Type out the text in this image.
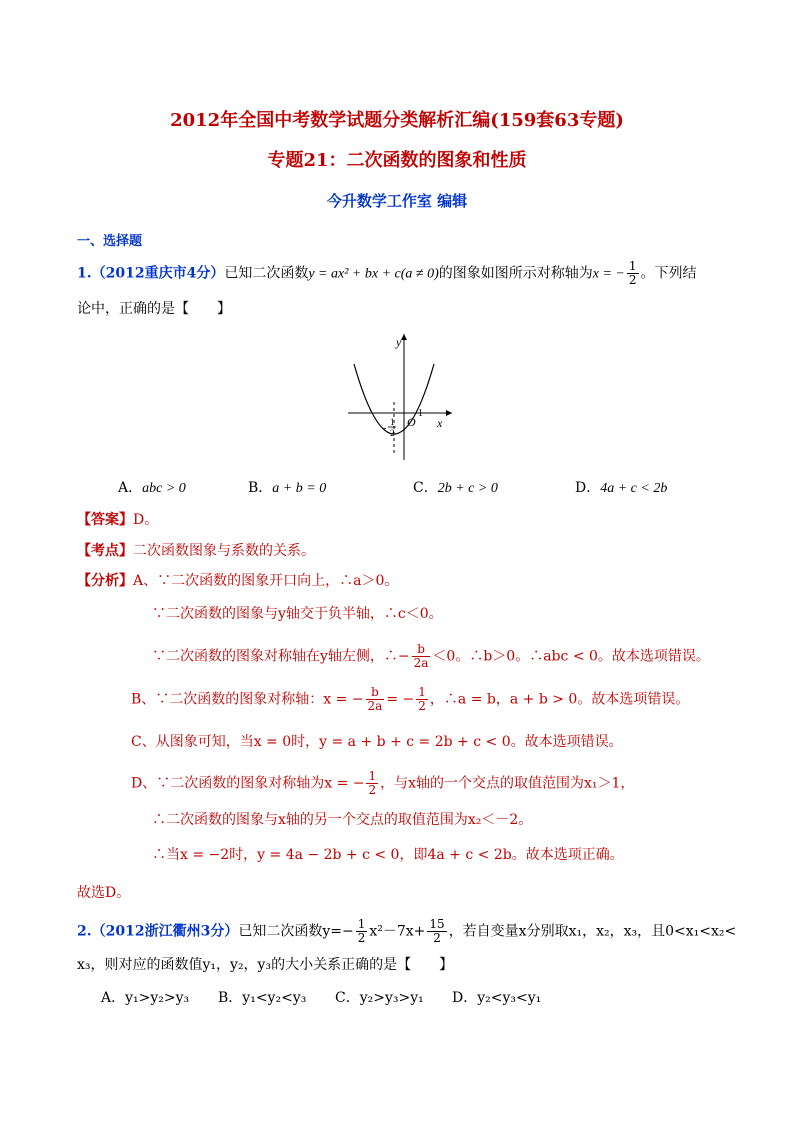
2012年全国中考数学试题分类解析汇编(159套63专题)
专题21：二次函数的图象和性质
今升数学工作室 编辑
一、选择题
1.（2012重庆市4分）已知二次函数y = ax² + bx + c(a ≠ 0)的图象如图所示对称轴为x = − $\frac{1}{2}$ 。下列结
论中，正确的是【　　】
y
x
O
1
-
1
2
A．abc > 0	B．a + b = 0	C．2b + c > 0	D．4a + c < 2b
【答案】D。
【考点】二次函数图象与系数的关系。
【分析】A、∵二次函数的图象开口向上，∴a＞0。
∵二次函数的图象与y轴交于负半轴，∴c＜0。
∵二次函数的图象对称轴在y轴左侧，∴− $\frac{b}{2a} <0$。∴b＞0。∴abc < 0。故本选项错误。
B、∵二次函数的图象对称轴：x = − $\frac{b}{2a}$ = − $\frac{1}{2}$ ，∴a = b，a + b > 0。故本选项错误。
C、从图象可知，当x = 0时，y = a + b + c = 2b + c < 0。故本选项错误。
D、∵二次函数的图象对称轴为x = − $\frac{1}{2}$ ，与x轴的一个交点的取值范围为x₁＞1，
∴二次函数的图象与x轴的另一个交点的取值范围为x₂＜－2。
∴当x = −2时，y = 4a − 2b + c < 0，即4a + c < 2b。故本选项正确。
故选D。
2.（2012浙江衢州3分）已知二次函数$y=- \frac{1}{2} x^2-7x+ \frac{15}{2}$ ，若自变量x分别取x₁，x₂，x₃，且0<x₁<x₂<
x₃，则对应的函数值y₁，y₂，y₃的大小关系正确的是【　　】
A．y₁>y₂>y₃ B．y₁<y₂<y₃ C．y₂>y₃>y₁ D．y₂<y₃<y₁
